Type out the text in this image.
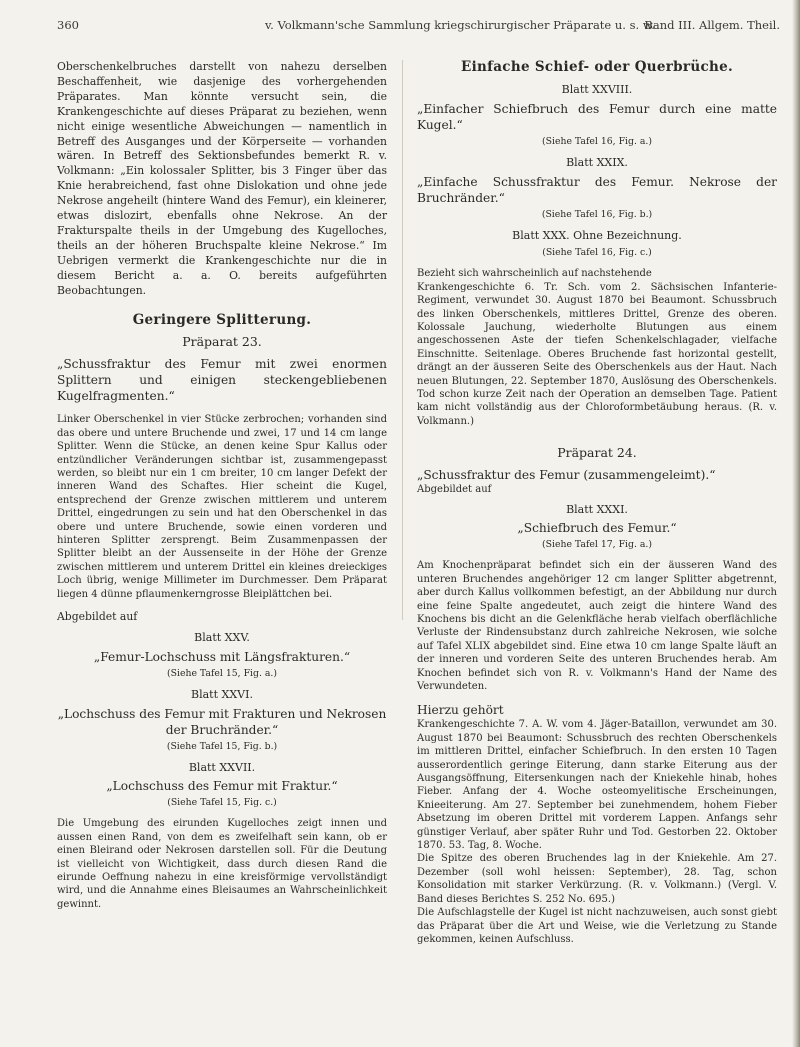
360	v. Volkmann'sche Sammlung kriegschirurgischer Präparate u. s. w.
Band III. Allgem. Theil.

Oberschenkelbruches darstellt von nahezu derselben Beschaffenheit, wie dasjenige des vorhergehenden Präparates. Man könnte versucht sein, die Krankengeschichte auf dieses Präparat zu beziehen, wenn nicht einige wesentliche Abweichungen — namentlich in Betreff des Ausganges und der Körperseite — vorhanden wären. In Betreff des Sektionsbefundes bemerkt R. v. Volkmann: „Ein kolossaler Splitter, bis 3 Finger über das Knie herabreichend, fast ohne Dislokation und ohne jede Nekrose angeheilt (hintere Wand des Femur), ein kleinerer, etwas dislozirt, ebenfalls ohne Nekrose. An der Frakturspalte theils in der Umgebung des Kugelloches, theils an der höheren Bruchspalte kleine Nekrose.“ Im Uebrigen vermerkt die Krankengeschichte nur die in diesem Bericht a. a. O. bereits aufgeführten Beobachtungen.

Geringere Splitterung.
Präparat 23.

„Schussfraktur des Femur mit zwei enormen Splittern und einigen steckengebliebenen Kugelfragmenten.“

Linker Oberschenkel in vier Stücke zerbrochen; vorhanden sind das obere und untere Bruchende und zwei, 17 und 14 cm lange Splitter. Wenn die Stücke, an denen keine Spur Kallus oder entzündlicher Veränderungen sichtbar ist, zusammengepasst werden, so bleibt nur ein 1 cm breiter, 10 cm langer Defekt der inneren Wand des Schaftes. Hier scheint die Kugel, entsprechend der Grenze zwischen mittlerem und unterem Drittel, eingedrungen zu sein und hat den Oberschenkel in das obere und untere Bruchende, sowie einen vorderen und hinteren Splitter zersprengt. Beim Zusammenpassen der Splitter bleibt an der Aussenseite in der Höhe der Grenze zwischen mittlerem und unterem Drittel ein kleines dreieckiges Loch übrig, wenige Millimeter im Durchmesser. Dem Präparat liegen 4 dünne pflaumenkerngrosse Bleiplättchen bei.

Abgebildet auf

Blatt XXV.

„Femur-Lochschuss mit Längsfrakturen.“

(Siehe Tafel 15, Fig. a.)
Blatt XXVI.

„Lochschuss des Femur mit Frakturen und Nekrosen der Bruchränder.“

(Siehe Tafel 15, Fig. b.)
Blatt XXVII.

„Lochschuss des Femur mit Fraktur.“

(Siehe Tafel 15, Fig. c.)

Die Umgebung des eirunden Kugelloches zeigt innen und aussen einen Rand, von dem es zweifelhaft sein kann, ob er einen Bleirand oder Nekrosen darstellen soll. Für die Deutung ist vielleicht von Wichtigkeit, dass durch diesen Rand die eirunde Oeffnung nahezu in eine kreisförmige vervollständigt wird, und die Annahme eines Bleisaumes an Wahrscheinlichkeit gewinnt.

Einfache Schief- oder Querbrüche.
Blatt XXVIII.

„Einfacher Schiefbruch des Femur durch eine matte Kugel.“

(Siehe Tafel 16, Fig. a.)
Blatt XXIX.

„Einfache Schussfraktur des Femur. Nekrose der Bruchränder.“

(Siehe Tafel 16, Fig. b.)
Blatt XXX. Ohne Bezeichnung.
(Siehe Tafel 16, Fig. c.)

Bezieht sich wahrscheinlich auf nachstehende

Krankengeschichte 6. Tr. Sch. vom 2. Sächsischen Infanterie-Regiment, verwundet 30. August 1870 bei Beaumont. Schussbruch des linken Oberschenkels, mittleres Drittel, Grenze des oberen. Kolossale Jauchung, wiederholte Blutungen aus einem angeschossenen Aste der tiefen Schenkelschlagader, vielfache Einschnitte. Seitenlage. Oberes Bruchende fast horizontal gestellt, drängt an der äusseren Seite des Oberschenkels aus der Haut. Nach neuen Blutungen, 22. September 1870, Auslösung des Oberschenkels. Tod schon kurze Zeit nach der Operation an demselben Tage. Patient kam nicht vollständig aus der Chloroformbetäubung heraus. (R. v. Volkmann.)

Präparat 24.

„Schussfraktur des Femur (zusammengeleimt).“

Abgebildet auf

Blatt XXXI.

„Schiefbruch des Femur.“

(Siehe Tafel 17, Fig. a.)

Am Knochenpräparat befindet sich ein der äusseren Wand des unteren Bruchendes angehöriger 12 cm langer Splitter abgetrennt, aber durch Kallus vollkommen befestigt, an der Abbildung nur durch eine feine Spalte angedeutet, auch zeigt die hintere Wand des Knochens bis dicht an die Gelenkfläche herab vielfach oberflächliche Verluste der Rindensubstanz durch zahlreiche Nekrosen, wie solche auf Tafel XLIX abgebildet sind. Eine etwa 10 cm lange Spalte läuft an der inneren und vorderen Seite des unteren Bruchendes herab. Am Knochen befindet sich von R. v. Volkmann's Hand der Name des Verwundeten.

Hierzu gehört

Krankengeschichte 7. A. W. vom 4. Jäger-Bataillon, verwundet am 30. August 1870 bei Beaumont: Schussbruch des rechten Oberschenkels im mittleren Drittel, einfacher Schiefbruch. In den ersten 10 Tagen ausserordentlich geringe Eiterung, dann starke Eiterung aus der Ausgangsöffnung, Eitersenkungen nach der Kniekehle hinab, hohes Fieber. Anfang der 4. Woche osteomyelitische Erscheinungen, Knieeiterung. Am 27. September bei zunehmendem, hohem Fieber Absetzung im oberen Drittel mit vorderem Lappen. Anfangs sehr günstiger Verlauf, aber später Ruhr und Tod. Gestorben 22. Oktober 1870. 53. Tag, 8. Woche.

Die Spitze des oberen Bruchendes lag in der Kniekehle. Am 27. Dezember (soll wohl heissen: September), 28. Tag, schon Konsolidation mit starker Verkürzung. (R. v. Volkmann.) (Vergl. V. Band dieses Berichtes S. 252 No. 695.)

Die Aufschlagstelle der Kugel ist nicht nachzuweisen, auch sonst giebt das Präparat über die Art und Weise, wie die Verletzung zu Stande gekommen, keinen Aufschluss.
